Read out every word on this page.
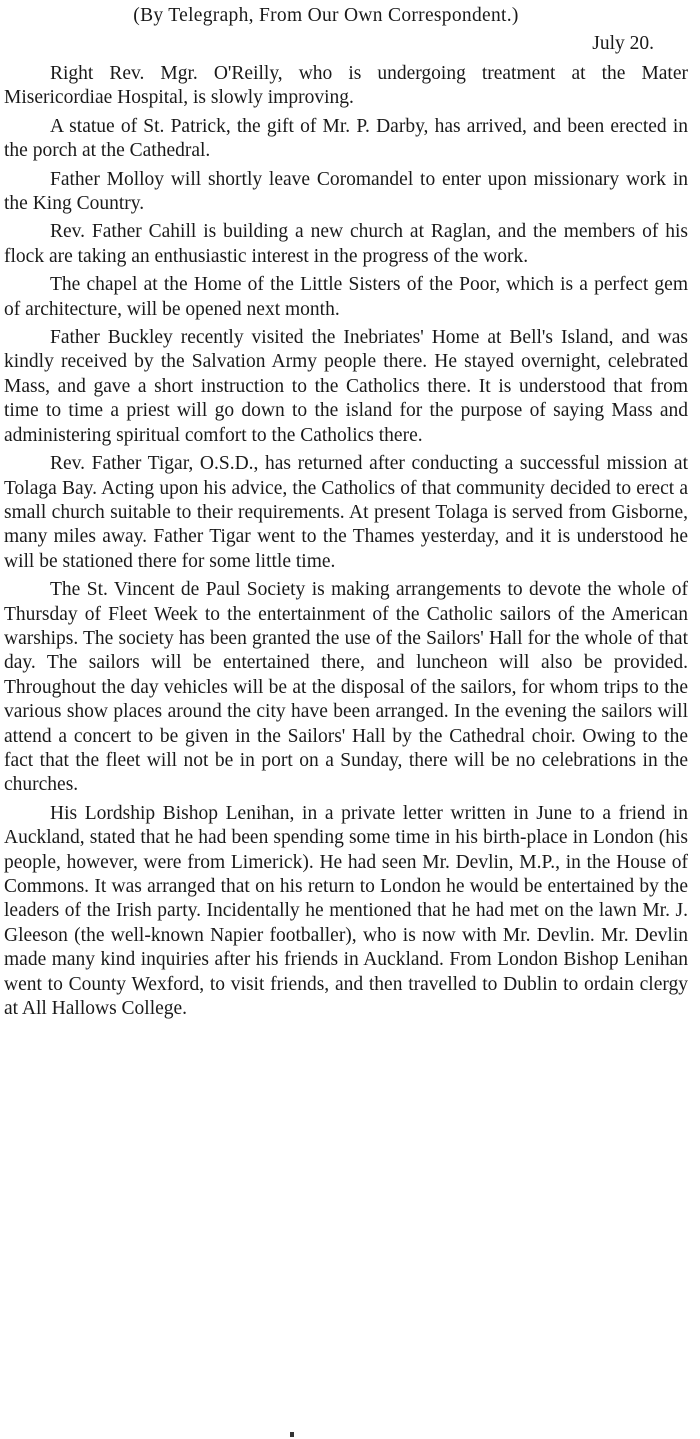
(By Telegraph, From Our Own Correspondent.)
July 20.

Right Rev. Mgr. O'Reilly, who is undergoing treatment at the Mater Misericordiae Hospital, is slowly improving.

A statue of St. Patrick, the gift of Mr. P. Darby, has arrived, and been erected in the porch at the Cathedral.

Father Molloy will shortly leave Coromandel to enter upon missionary work in the King Country.

Rev. Father Cahill is building a new church at Raglan, and the members of his flock are taking an enthusiastic interest in the progress of the work.

The chapel at the Home of the Little Sisters of the Poor, which is a perfect gem of architecture, will be opened next month.

Father Buckley recently visited the Inebriates' Home at Bell's Island, and was kindly received by the Salvation Army people there. He stayed overnight, celebrated Mass, and gave a short instruction to the Catholics there. It is understood that from time to time a priest will go down to the island for the purpose of saying Mass and administering spiritual comfort to the Catholics there.

Rev. Father Tigar, O.S.D., has returned after conducting a successful mission at Tolaga Bay. Acting upon his advice, the Catholics of that community decided to erect a small church suitable to their requirements. At present Tolaga is served from Gisborne, many miles away. Father Tigar went to the Thames yesterday, and it is understood he will be stationed there for some little time.

The St. Vincent de Paul Society is making arrangements to devote the whole of Thursday of Fleet Week to the entertainment of the Catholic sailors of the American warships. The society has been granted the use of the Sailors' Hall for the whole of that day. The sailors will be entertained there, and luncheon will also be provided. Throughout the day vehicles will be at the disposal of the sailors, for whom trips to the various show places around the city have been arranged. In the evening the sailors will attend a concert to be given in the Sailors' Hall by the Cathedral choir. Owing to the fact that the fleet will not be in port on a Sunday, there will be no celebrations in the churches.

His Lordship Bishop Lenihan, in a private letter written in June to a friend in Auckland, stated that he had been spending some time in his birth-place in London (his people, however, were from Limerick). He had seen Mr. Devlin, M.P., in the House of Commons. It was arranged that on his return to London he would be entertained by the leaders of the Irish party. Incidentally he mentioned that he had met on the lawn Mr. J. Gleeson (the well-known Napier footballer), who is now with Mr. Devlin. Mr. Devlin made many kind inquiries after his friends in Auckland. From London Bishop Lenihan went to County Wexford, to visit friends, and then travelled to Dublin to ordain clergy at All Hallows College.
